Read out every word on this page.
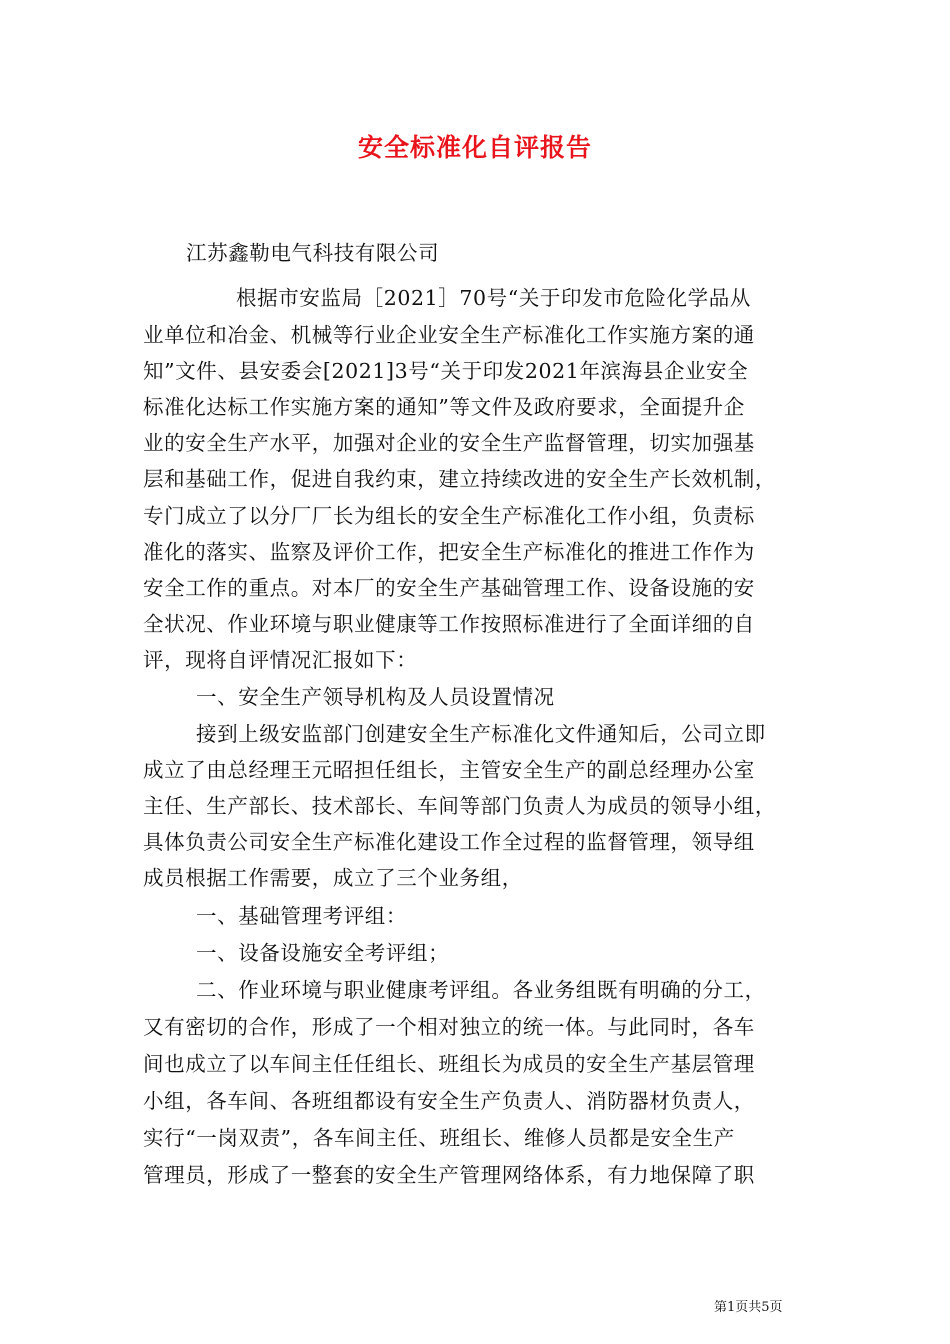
安全标准化自评报告
江苏鑫勒电气科技有限公司
根据市安监局［2021］70号“关于印发市危险化学品从
业单位和冶金、机械等行业企业安全生产标准化工作实施方案的通
知”文件、县安委会[2021]3号“关于印发2021年滨海县企业安全
标准化达标工作实施方案的通知”等文件及政府要求，全面提升企
业的安全生产水平，加强对企业的安全生产监督管理，切实加强基
层和基础工作，促进自我约束，建立持续改进的安全生产长效机制，
专门成立了以分厂厂长为组长的安全生产标准化工作小组，负责标
准化的落实、监察及评价工作，把安全生产标准化的推进工作作为
安全工作的重点。对本厂的安全生产基础管理工作、设备设施的安
全状况、作业环境与职业健康等工作按照标准进行了全面详细的自
评，现将自评情况汇报如下：
一、安全生产领导机构及人员设置情况
接到上级安监部门创建安全生产标准化文件通知后，公司立即
成立了由总经理王元昭担任组长，主管安全生产的副总经理办公室
主任、生产部长、技术部长、车间等部门负责人为成员的领导小组，
具体负责公司安全生产标准化建设工作全过程的监督管理，领导组
成员根据工作需要，成立了三个业务组，
一、基础管理考评组：
一、设备设施安全考评组；
二、作业环境与职业健康考评组。各业务组既有明确的分工，
又有密切的合作，形成了一个相对独立的统一体。与此同时，各车
间也成立了以车间主任任组长、班组长为成员的安全生产基层管理
小组，各车间、各班组都设有安全生产负责人、消防器材负责人，
实行“一岗双责”，各车间主任、班组长、维修人员都是安全生产
管理员，形成了一整套的安全生产管理网络体系，有力地保障了职
第1页共5页
